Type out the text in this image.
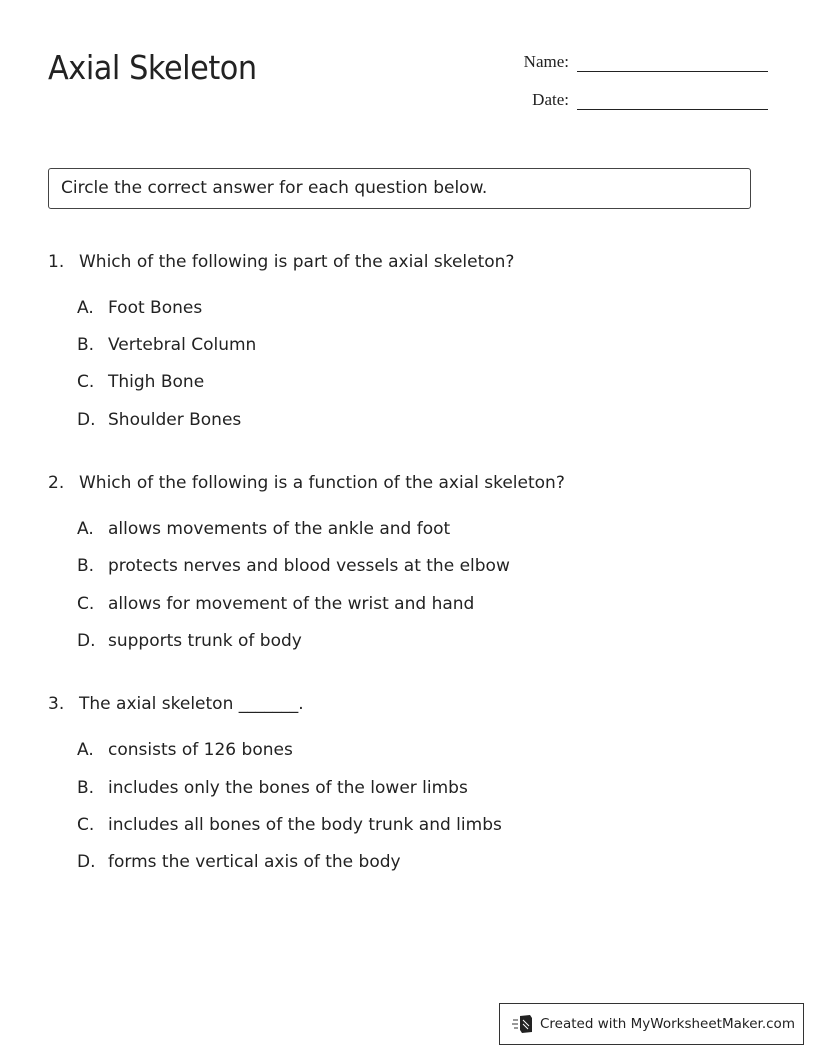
Axial Skeleton	Name:
Date:
Circle the correct answer for each question below.
1. Which of the following is part of the axial skeleton?
A. Foot Bones
B. Vertebral Column
C. Thigh Bone
D. Shoulder Bones
2. Which of the following is a function of the axial skeleton?
A. allows movements of the ankle and foot
B. protects nerves and blood vessels at the elbow
C. allows for movement of the wrist and hand
D. supports trunk of body
3. The axial skeleton _______.
A. consists of 126 bones
B. includes only the bones of the lower limbs
C. includes all bones of the body trunk and limbs
D. forms the vertical axis of the body
Created with MyWorksheetMaker.com
